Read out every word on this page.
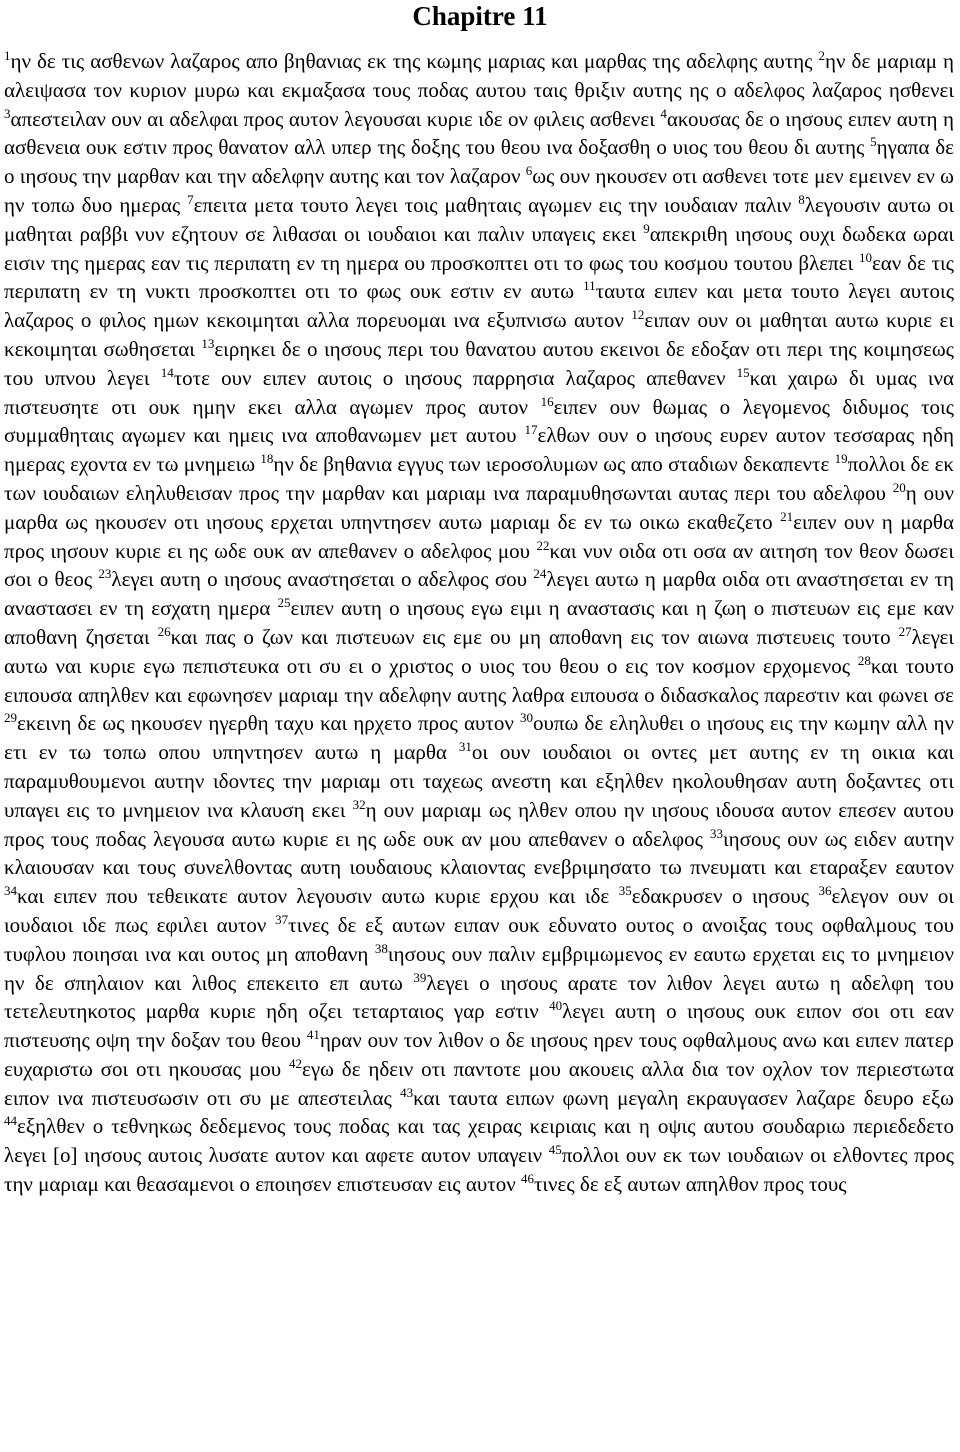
Chapitre 11

$^1$ην δε τις ασθενων λαζαρος απο βηθανιας εκ της κωμης μαριας και μαρθας της αδελφης αυτης $^2$ην δε μαριαμ η αλειψασα τον κυριον μυρω και εκμαξασα τους ποδας αυτου ταις θριξιν αυτης ης ο αδελφος λαζαρος ησθενει $^3$απεστειλαν ουν αι αδελφαι προς αυτον λεγουσαι κυριε ιδε ον φιλεις ασθενει $^4$ακουσας δε ο ιησους ειπεν αυτη η ασθενεια ουκ εστιν προς θανατον αλλ υπερ της δοξης του θεου ινα δοξασθη ο υιος του θεου δι αυτης $^5$ηγαπα δε ο ιησους την μαρθαν και την αδελφην αυτης και τον λαζαρον $^6$ως ουν ηκουσεν οτι ασθενει τοτε μεν εμεινεν εν ω ην τοπω δυο ημερας $^7$επειτα μετα τουτο λεγει τοις μαθηταις αγωμεν εις την ιουδαιαν παλιν $^8$λεγουσιν αυτω οι μαθηται ραββι νυν εζητουν σε λιθασαι οι ιουδαιοι και παλιν υπαγεις εκει $^9$απεκριθη ιησους ουχι δωδεκα ωραι εισιν της ημερας εαν τις περιπατη εν τη ημερα ου προσκοπτει οτι το φως του κοσμου τουτου βλεπει $^{10}$εαν δε τις περιπατη εν τη νυκτι προσκοπτει οτι το φως ουκ εστιν εν αυτω $^{11}$ταυτα ειπεν και μετα τουτο λεγει αυτοις λαζαρος ο φιλος ημων κεκοιμηται αλλα πορευομαι ινα εξυπνισω αυτον $^{12}$ειπαν ουν οι μαθηται αυτω κυριε ει κεκοιμηται σωθησεται $^{13}$ειρηκει δε ο ιησους περι του θανατου αυτου εκεινοι δε εδοξαν οτι περι της κοιμησεως του υπνου λεγει $^{14}$τοτε ουν ειπεν αυτοις ο ιησους παρρησια λαζαρος απεθανεν $^{15}$και χαιρω δι υμας ινα πιστευσητε οτι ουκ ημην εκει αλλα αγωμεν προς αυτον $^{16}$ειπεν ουν θωμας ο λεγομενος διδυμος τοις συμμαθηταις αγωμεν και ημεις ινα αποθανωμεν μετ αυτου $^{17}$ελθων ουν ο ιησους ευρεν αυτον τεσσαρας ηδη ημερας εχοντα εν τω μνημειω $^{18}$ην δε βηθανια εγγυς των ιεροσολυμων ως απο σταδιων δεκαπεντε $^{19}$πολλοι δε εκ των ιουδαιων εληλυθεισαν προς την μαρθαν και μαριαμ ινα παραμυθησωνται αυτας περι του αδελφου $^{20}$η ουν μαρθα ως ηκουσεν οτι ιησους ερχεται υπηντησεν αυτω μαριαμ δε εν τω οικω εκαθεζετο $^{21}$ειπεν ουν η μαρθα προς ιησουν κυριε ει ης ωδε ουκ αν απεθανεν ο αδελφος μου $^{22}$και νυν οιδα οτι οσα αν αιτηση τον θεον δωσει σοι ο θεος $^{23}$λεγει αυτη ο ιησους αναστησεται ο αδελφος σου $^{24}$λεγει αυτω η μαρθα οιδα οτι αναστησεται εν τη αναστασει εν τη εσχατη ημερα $^{25}$ειπεν αυτη ο ιησους εγω ειμι η αναστασις και η ζωη ο πιστευων εις εμε καν αποθανη ζησεται $^{26}$και πας ο ζων και πιστευων εις εμε ου μη αποθανη εις τον αιωνα πιστευεις τουτο $^{27}$λεγει αυτω ναι κυριε εγω πεπιστευκα οτι συ ει ο χριστος ο υιος του θεου ο εις τον κοσμον ερχομενος $^{28}$και τουτο ειπουσα απηλθεν και εφωνησεν μαριαμ την αδελφην αυτης λαθρα ειπουσα ο διδασκαλος παρεστιν και φωνει σε $^{29}$εκεινη δε ως ηκουσεν ηγερθη ταχυ και ηρχετο προς αυτον $^{30}$ουπω δε εληλυθει ο ιησους εις την κωμην αλλ ην ετι εν τω τοπω οπου υπηντησεν αυτω η μαρθα $^{31}$οι ουν ιουδαιοι οι οντες μετ αυτης εν τη οικια και παραμυθουμενοι αυτην ιδοντες την μαριαμ οτι ταχεως ανεστη και εξηλθεν ηκολουθησαν αυτη δοξαντες οτι υπαγει εις το μνημειον ινα κλαυση εκει $^{32}$η ουν μαριαμ ως ηλθεν οπου ην ιησους ιδουσα αυτον επεσεν αυτου προς τους ποδας λεγουσα αυτω κυριε ει ης ωδε ουκ αν μου απεθανεν ο αδελφος $^{33}$ιησους ουν ως ειδεν αυτην κλαιουσαν και τους συνελθοντας αυτη ιουδαιους κλαιοντας ενεβριμησατο τω πνευματι και εταραξεν εαυτον $^{34}$και ειπεν που τεθεικατε αυτον λεγουσιν αυτω κυριε ερχου και ιδε $^{35}$εδακρυσεν ο ιησους $^{36}$ελεγον ουν οι ιουδαιοι ιδε πως εφιλει αυτον $^{37}$τινες δε εξ αυτων ειπαν ουκ εδυνατο ουτος ο ανοιξας τους οφθαλμους του τυφλου ποιησαι ινα και ουτος μη αποθανη $^{38}$ιησους ουν παλιν εμβριμωμενος εν εαυτω ερχεται εις το μνημειον ην δε σπηλαιον και λιθος επεκειτο επ αυτω $^{39}$λεγει ο ιησους αρατε τον λιθον λεγει αυτω η αδελφη του τετελευτηκοτος μαρθα κυριε ηδη οζει τεταρταιος γαρ εστιν $^{40}$λεγει αυτη ο ιησους ουκ ειπον σοι οτι εαν πιστευσης οψη την δοξαν του θεου $^{41}$ηραν ουν τον λιθον ο δε ιησους ηρεν τους οφθαλμους ανω και ειπεν πατερ ευχαριστω σοι οτι ηκουσας μου $^{42}$εγω δε ηδειν οτι παντοτε μου ακουεις αλλα δια τον οχλον τον περιεστωτα ειπον ινα πιστευσωσιν οτι συ με απεστειλας $^{43}$και ταυτα ειπων φωνη μεγαλη εκραυγασεν λαζαρε δευρο εξω $^{44}$εξηλθεν ο τεθνηκως δεδεμενος τους ποδας και τας χειρας κειριαις και η οψις αυτου σουδαριω περιεδεδετο λεγει [ο] ιησους αυτοις λυσατε αυτον και αφετε αυτον υπαγειν $^{45}$πολλοι ουν εκ των ιουδαιων οι ελθοντες προς την μαριαμ και θεασαμενοι ο εποιησεν επιστευσαν εις αυτον $^{46}$τινες δε εξ αυτων απηλθον προς τους
